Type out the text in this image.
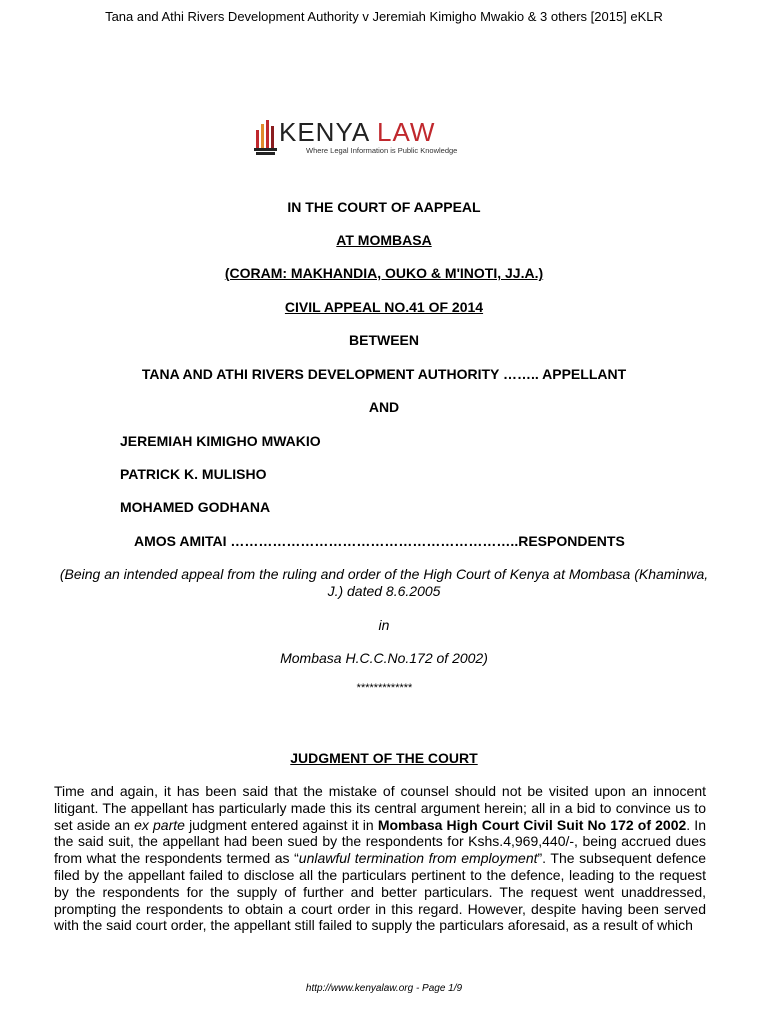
Tana and Athi Rivers Development Authority v Jeremiah Kimigho Mwakio & 3 others [2015] eKLR
KENYA LAW
Where Legal Information is Public Knowledge
IN THE COURT OF AAPPEAL
AT MOMBASA
(CORAM: MAKHANDIA, OUKO & M'INOTI, JJ.A.)
CIVIL APPEAL NO.41 OF 2014
BETWEEN
TANA AND ATHI RIVERS DEVELOPMENT AUTHORITY …….. APPELLANT
AND
JEREMIAH KIMIGHO MWAKIO
PATRICK K. MULISHO
MOHAMED GODHANA
AMOS AMITAI ……………………………………………………..RESPONDENTS
(Being an intended appeal from the ruling and order of the High Court of Kenya at Mombasa (Khaminwa,
J.) dated 8.6.2005
in
Mombasa H.C.C.No.172 of 2002)
*************
JUDGMENT OF THE COURT
Time and again, it has been said that the mistake of counsel should not be visited upon an innocent litigant. The appellant has particularly made this its central argument herein; all in a bid to convince us to set aside an ex parte judgment entered against it in Mombasa High Court Civil Suit No 172 of 2002. In the said suit, the appellant had been sued by the respondents for Kshs.4,969,440/-, being accrued dues from what the respondents termed as “unlawful termination from employment”. The subsequent defence filed by the appellant failed to disclose all the particulars pertinent to the defence, leading to the request by the respondents for the supply of further and better particulars. The request went unaddressed, prompting the respondents to obtain a court order in this regard. However, despite having been served with the said court order, the appellant still failed to supply the particulars aforesaid, as a result of which
http://www.kenyalaw.org - Page 1/9
